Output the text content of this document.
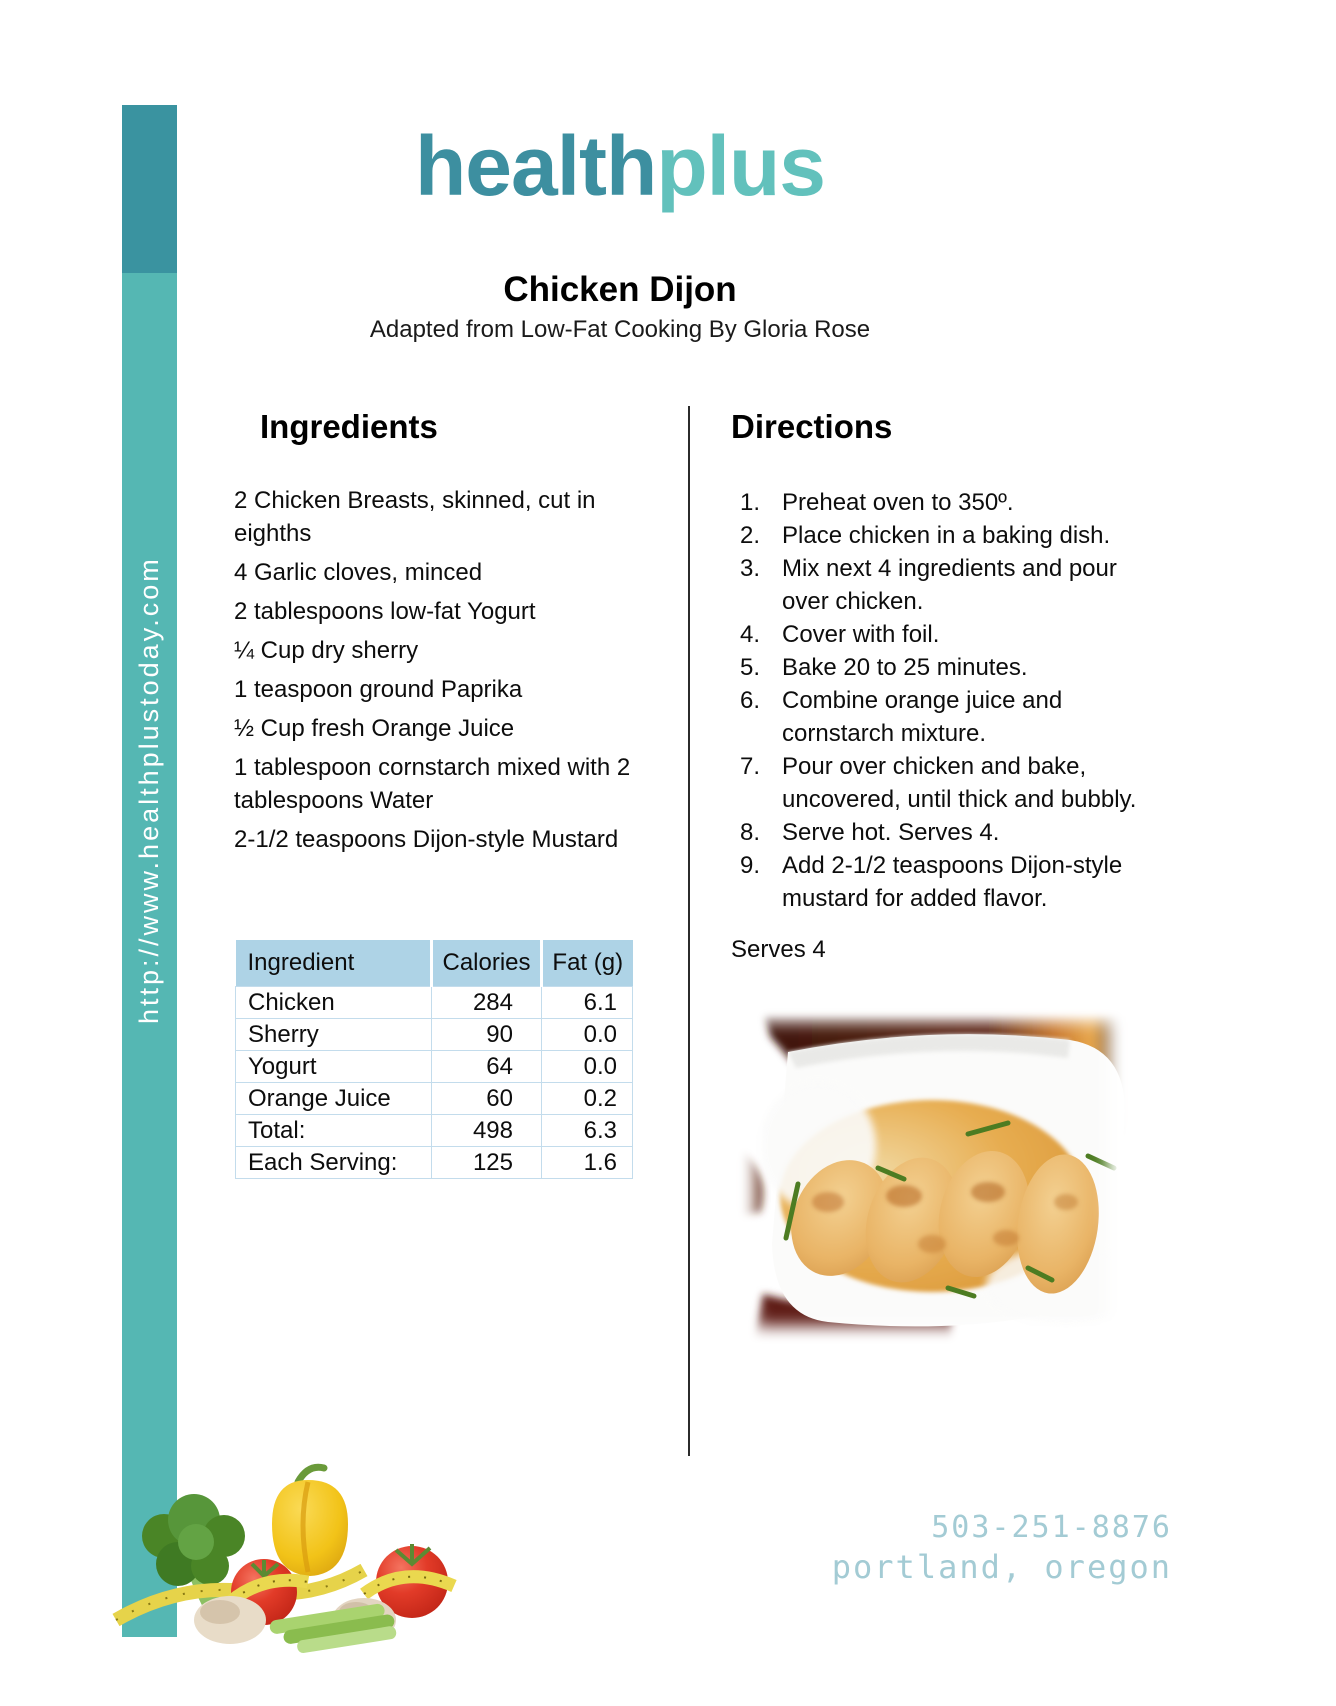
http://www.healthplustoday.com
healthplus
Chicken Dijon
Adapted from Low-Fat Cooking By Gloria Rose
Ingredients	Directions
2 Chicken Breasts, skinned, cut in eighths
4 Garlic cloves, minced
2 tablespoons low-fat Yogurt
¼ Cup dry sherry
1 teaspoon ground Paprika
½ Cup fresh Orange Juice
1 tablespoon cornstarch mixed with 2 tablespoons Water
2-1/2 teaspoons Dijon-style Mustard
Ingredient	Calories	Fat (g)
Chicken	284	6.1
Sherry	90	0.0
Yogurt	64	0.0
Orange Juice	60	0.2
Total:	498	6.3
Each Serving:	125	1.6
1. Preheat oven to 350º.
2. Place chicken in a baking dish.
3. Mix next 4 ingredients and pour over chicken.
4. Cover with foil.
5. Bake 20 to 25 minutes.
6. Combine orange juice and cornstarch mixture.
7. Pour over chicken and bake, uncovered, until thick and bubbly.
8. Serve hot. Serves 4.
9. Add 2-1/2 teaspoons Dijon-style mustard for added flavor.
Serves 4
503-251-8876
portland, oregon
